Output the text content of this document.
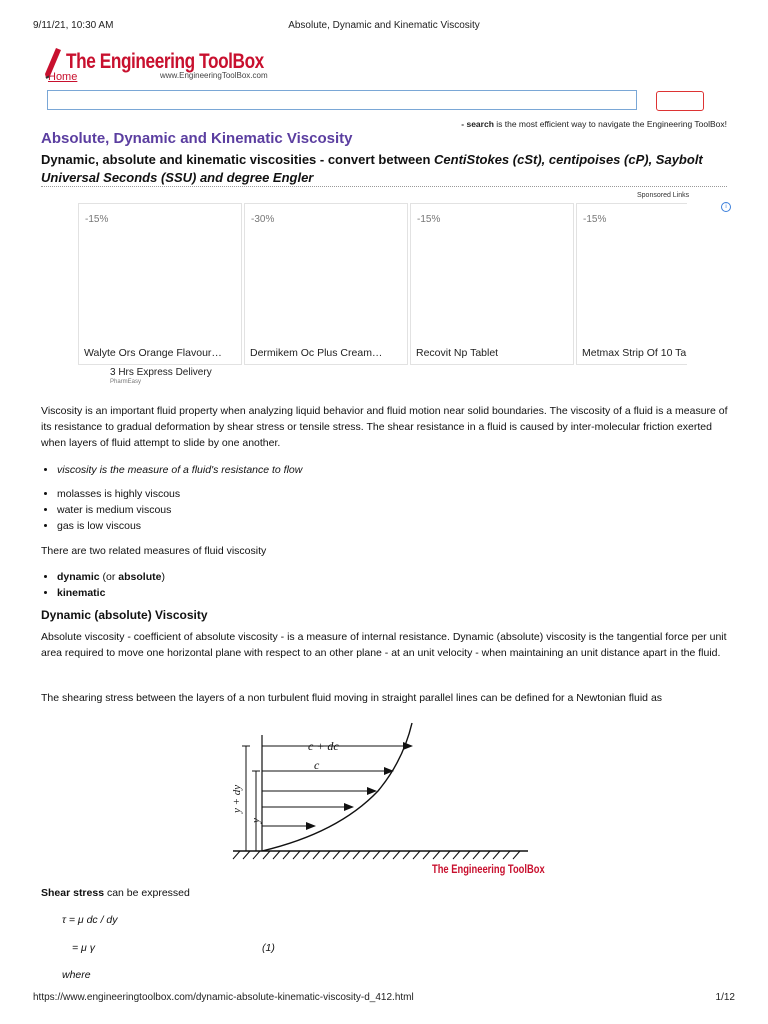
9/11/21, 10:30 AM	Absolute, Dynamic and Kinematic Viscosity
The Engineering ToolBox
Home	www.EngineeringToolBox.com
- search is the most efficient way to navigate the Engineering ToolBox!
Absolute, Dynamic and Kinematic Viscosity
Dynamic, absolute and kinematic viscosities - convert between CentiStokes (cSt), centipoises (cP), Saybolt Universal Seconds (SSU) and degree Engler
Sponsored Links
i
-15%
Walyte Ors Orange Flavour…
-30%
Dermikem Oc Plus Cream…
-15%
Recovit Np Tablet
-15%
Metmax Strip Of 10 Ta
3 Hrs Express Delivery
PharmEasy
Viscosity is an important fluid property when analyzing liquid behavior and fluid motion near solid boundaries. The viscosity of a fluid is a measure of its resistance to gradual deformation by shear stress or tensile stress. The shear resistance in a fluid is caused by inter-molecular friction exerted when layers of fluid attempt to slide by one another.
• viscosity is the measure of a fluid's resistance to flow
• molasses is highly viscous
• water is medium viscous
• gas is low viscous
There are two related measures of fluid viscosity
• dynamic (or absolute)
• kinematic
Dynamic (absolute) Viscosity
Absolute viscosity - coefficient of absolute viscosity - is a measure of internal resistance. Dynamic (absolute) viscosity is the tangential force per unit area required to move one horizontal plane with respect to an other plane - at an unit velocity - when maintaining an unit distance apart in the fluid.
The shearing stress between the layers of a non turbulent fluid moving in straight parallel lines can be defined for a Newtonian fluid as
c + dc
c
y + dy
y
The Engineering ToolBox
Shear stress can be expressed
τ = μ dc / dy
= μ γ	(1)
where
https://www.engineeringtoolbox.com/dynamic-absolute-kinematic-viscosity-d_412.html	1/12
